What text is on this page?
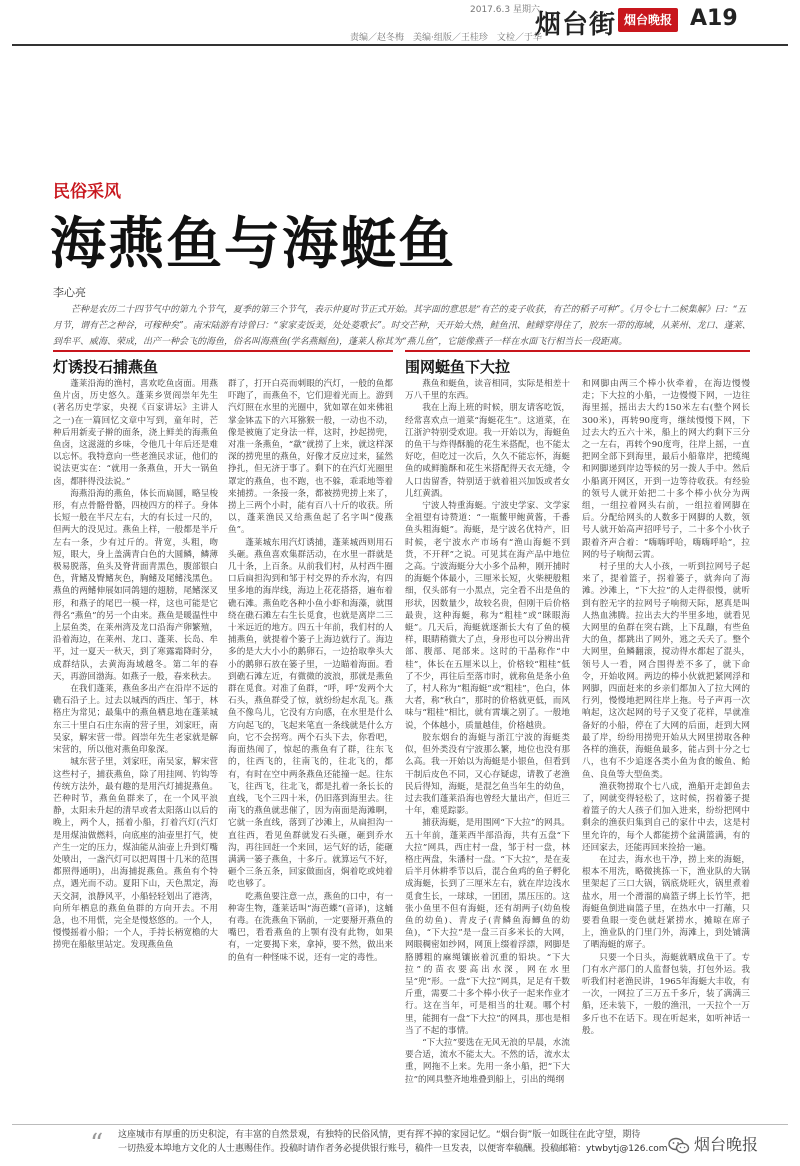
2017.6.3 星期六
责编／赵冬梅　美编·组版／王桂珍　文检／于华
烟台街 烟台晚报 A19
民俗采风
海燕鱼与海蜓鱼
李心亮
芒种是农历二十四节气中的第九个节气，夏季的第三个节气，表示仲夏时节正式开始。其字面的意思是“有芒的麦子收获，有芒的稻子可种”。《月令七十二候集解》曰：“五月节，谓有芒之种谷，可稼种矣”。南宋陆游有诗曾曰：“家家麦饭美，处处菱歌长”。时交芒种，天开始大热，鲑鱼汛、鲑鲱穿得住了，胶东一带的海域，从莱州、龙口、蓬莱、到牟平、威海、荣成，出产一种会飞的海鱼，俗名叫海燕鱼(学名燕鳐鱼)，蓬莱人称其为“燕儿鱼”，它能像燕子一样在水面飞行相当长一段距离。
灯诱投石捕燕鱼	围网蜓鱼下大拉

蓬莱沿海的渔村，喜欢吃鱼卤面。用燕鱼片卤，历史悠久。蓬莱乡贤阎崇年先生(著名历史学家，央视《百家讲坛》主讲人之一)在一篇回忆文章中写到，童年时，芒种后用新麦子擀的面条，浇上鲜美的海燕鱼鱼卤，这滋滋的乡味，令他几十年后还是难以忘怀。我特意向一些老渔民求证，他们的说法更实在：“就用一条燕鱼，开大一锅鱼卤，都胖得没法说。”

海燕沿海的燕鱼，体长而扁圆，略呈梭形，有点骨骼骨骼，四棱四方的样子。身体长短一般在半尺左右，大的有长过一尺的，但两大的没见过。燕鱼上样，一般都是半斤左右一条，少有过斤的。背宽，头粗，吻短，眼大，身上盖满青白色的大圆鳞，鳞薄极易脱落，鱼头及脊背面青黑色，腹部银白色，背鳍及臀鳍灰色，胸鳍及尾鳍浅黑色。燕鱼的两鳍伸展如同鸽翅的翅膀，尾鳍深叉形，和燕子的尾巴一模一样，这也可能是它得名“燕鱼”的另一个由来。燕鱼是暖温性中上层鱼类，在莱州湾及龙口沿海产卵繁殖，沿着海边，在莱州、龙口、蓬莱、长岛、牟平，过一夏天一秋天，到了寒露霜降时分，成群结队，去黄海海域越冬。第二年的春天，再游回渤海。如燕子一般，春来秋去。

在我们蓬莱，燕鱼多出产在沿岸不远的礁石沿子上。过去以城西的西庄、邹于，林格庄为常见；最集中的燕鱼栖息地在蓬莱城东三十里白石庄东南的营子里，刘家旺，南吴家，解宋营一带。阎崇年先生老家就是解宋营的，所以他对燕鱼印象深。

城东营子里，刘家旺，南吴家，解宋营这些村子，捕获燕鱼，除了用挂网、钓钩等传统方法外，最有趣的是用汽灯捕捉燕鱼。芒种时节，燕鱼鱼群来了，在一个风平浪静，太阳未升起的清早或者太阳落山以后的晚上，两个人，摇着小船，打着汽灯(汽灯是用煤油做燃料，向底座的油壶里打气，使产生一定的压力，煤油能从油壶上升到灯嘴处喷出，一盏汽灯可以把周围十几米的范围都照得通明)，出海捕捉燕鱼。燕鱼有个特点，遇光而不动。夏阳下山，天色黑定，海天交洞，浪静风平，小船轻轻划出了港湾，向所年栖息的燕鱼鱼群的方向开去。不用急，也不用慌，完全是慢悠悠的。一个人，慢慢摇着小船；一个人，手持长柄宽檐的大捞兜在船舷里站定。发现燕鱼鱼

群了，打开白亮而刺眼的汽灯，一般的鱼都吓跑了，而燕鱼不，它们迎着光而上。游到汽灯照在水里的光圈中，犹如罩在如来佛祖掌金钵盂下的六耳猕猴一般，一动也不动，像是被施了定身法一样，这时，抄起捞兜，对准一条燕鱼，“歘”就捞了上来，就这样深深的捞兜里的燕鱼，好像才反应过来，猛然挣扎，但无济于事了。剩下的在汽灯光圈里罩定的燕鱼，也不跑，也不躲，乖乖地等着来捕捞。一条接一条，都被捞兜捞上来了，捞上三两个小时，能有百八十斤的收获。所以，蓬莱渔民又给燕鱼起了名字叫“傻燕鱼”。

蓬莱城东用汽灯诱捕，蓬莱城西则用石头砸。燕鱼喜欢集群活动，在水里一群就是几十条，上百条。从前我们村，从村西牛圈口后扁担沟到和邹于村交界的乔水沟，有四里多地的海岸线，海边上花花搭搭，遍布着礁石滩。燕鱼吃各种小鱼小虾和海藻，就围绕在礁石滩左右生长觅食，也就是离岸二三十米远近的地方。四五十年前，我们村的人捕燕鱼，就提着个篓子上海边就行了。海边多的是大大小小的鹅卵石，一边拾取拳头大小的鹅卵石放在篓子里，一边瞄着海面。看到礁石滩左近，有微微的波浪，那就是燕鱼群在觅食。对准了鱼群，“呼，呼”发两个大石头，燕鱼群受了惊，就纷纷起水乱飞。燕鱼不像鸟儿，它没有方向感，在水里是什么方向起飞的，飞起来笔直一条线就是什么方向，它不会拐弯。两个石头下去，你看吧，海面热闹了，惊起的燕鱼有了群，往东飞的，往西飞的，往南飞的，往北飞的，都有，有时在空中两条燕鱼还能撞一起。往东飞，往西飞，往北飞，都是扎着一条长长的直线，飞个三四十米，仍旧落到海里去。往南飞的燕鱼就悲催了，因为南面是海滩啊，它就一条直线，落到了沙滩上，从扁担沟一直往西，看见鱼群就发石头砸，砸到乔水沟，再往回赶一个来回，运气好的话，能砸满满一篓子燕鱼，十多斤。就算运气不好，砸个三条五条，回家做面卤，焖着吃或炖着吃也够了。

吃燕鱼要注意一点，燕鱼的口中，有一种寄生物，蓬莱话叫“海芭蝶”(音译)，这蛹有毒。在洗燕鱼下锅前，一定要掰开燕鱼的嘴巴，看看燕鱼的上颚有没有此物，如果有，一定要揭下来，拿掉，要不然，做出来的鱼有一种怪味不说，还有一定的毒性。

燕鱼和蜓鱼，读音相同，实际是相差十万八千里的东西。

我在上海上班的时候，朋友请客吃饭，经常喜欢点一道菜“海蜓花生”。这道菜，在江浙沪特别受欢迎。我一开始以为，海蜓鱼的鱼干与炸得酥脆的花生米搭配，也不能太好吃，但吃过一次后，久久不能忘怀，海蜓鱼的咸鲜脆酥和花生米搭配得天衣无缝，令人口齿留香，特别适于就着祖兴加饭或者女儿红黄酒。

宁波人特重海蜓。宁波史学家、文学家全祖望有诗赞道：“一瓶鳖甲鲍黄酱，千番鱼头粗海蜓”。海蜓，是宁波名优特产，旧时候，老宁波水产市场有“渔山海蜓不到货，不开秤”之说。可见其在海产品中地位之高。宁波海蜓分大小多个品种，刚开捕时的海蜓个体最小，三厘米长短，火柴梗般粗细，仅头部有一小黑点，完全看不出是鱼的形状，因数量少，故较名贵，但刚干后价格最贵，这种海蜓，称为“粗桂”或“眯眼海蜓”。几天后，海蜓就逐渐长大有了鱼的模样，眼睛稍微大了点，身形也可以分辨出背部、腹部、尾部来。这时的干晶称作“中桂”，体长在五厘米以上，价格较“粗桂”低了不少，再往后至落市时，就称鱼是条小鱼了，村人称为“粗海蜓”或“粗桂”，色白，体大者，称“秋白”，那时的价格就更低，而风味与“粗桂”相比，就有霄壤之别了。一般地说，个体越小，质量越佳，价格越贵。

胶东烟台的海蜓与浙江宁波的海蜓类似，但外类没有宁波那么繁，地位也没有那么高。我一开始以为海蜓是小银鱼，但看到干制后皮色不同，又心存疑虑，请教了老渔民后得知，海蜓，是混乞鱼当年生的幼鱼，过去我们蓬莱沿海也曾经大量出产，但近三十年，难觅踪影。

捕获海蜓，是用围网“下大拉”的网具。五十年前，蓬莱西半部沿海，共有五盘“下大拉”网具，西庄村一盘，邹于村一盘，林格庄两盘，朱潘村一盘。“下大拉”，是在麦后半月休耕季节以后，混合鱼鸡的鱼子孵化成海蜓，长到了三厘米左右，就在岸边浅水觅食生长，一球球，一团团，黑压压的。这张小鱼里不但有海蜓，还有胡两子(幼鱼梭鱼的幼鱼)、青皮子(青鳞鱼海鲫鱼的幼鱼)，“下大拉”是一盘三百多米长的大网，网眼稠密如纱网，网顶上缀着浮漂，网脚是胳膊粗的麻绳镶嵌着沉重的铅块。“下大拉”的苗衣要高出水深，网在水里呈“兜”形。一盘“下大拉”网具，足足有千数斤重，需要二十多个棒小伙子一起来作业才行。这在当年，可是相当的壮观。哪个村里，能拥有一盘“下大拉”的网具，那也是相当了不起的事情。

“下大拉”要选在无风无浪的早晨，水流要合适，流水不能太大。不然的话，流水太重，网拖不上来。先用一条小船，把“下大拉”的网具整齐地堆叠到船上，引出的绳纲

和网脚由两三个棒小伙牵着，在海边慢慢走；下大拉的小船，一边慢慢下网，一边往海里摇，摇出去大约150米左右(整个网长300米)，再转90度弯，继续慢慢下网，下过去大约五六十米，船上的网大约剩下三分之一左右，再转个90度弯，往岸上摇，一直把网全部下到海里，最后小船靠岸，把缆绳和网脚递到岸边等候的另一拨人手中。然后小船离开网区，开到一边等待收获。有经验的领号人就开始把二十多个棒小伙分为两组，一组拉着网头右前，一组拉着网脚在后。分配给网头的人数多于网脚的人数，领号人就开始高声招呼号子，二十多个小伙子跟着齐声合着：“嗨嗨呼哈，嗨嗨呼哈”，拉网的号子响彻云霄。

村子里的大人小孩，一听到拉网号子起来了，提着篮子，拐着篓子，就奔向了海滩。沙滩上，“下大拉”的人走得很慢，就听到有腔无字的拉网号子响彻天际，愿真是叫人热血沸腾。拉出去大约半里多地，就看见大网里的鱼群在突右跳，上下乱蹦，有些鱼大的鱼，都跳出了网外，逃之夭夭了。整个大网里，鱼鳞翻滚，搅动得水都起了混头，领号人一看，网合围得差不多了，就下命令，开始收网。两边的棒小伙就把紧网浮和网脚，四面赶来的乡亲们都加入了拉大网的行列，慢慢地把网往岸上拖。号子声再一次响起，这次起网的号子又变了花样，旱就准备好的小船，停在了大网的后面，赶到大网最了岸，纷纷用捞兜开始从大网里捞取各种各样的渔获，海蜓鱼最多，能占到十分之七八，也有不少追逐各类小鱼为食的鲅鱼、鲐鱼、良鱼等大型鱼类。

渔获物捞取个七八成，渔船开走卸鱼去了，网就变得轻松了，这时候，拐着篓子提着篮子的大人孩子们加入进来，纷纷把网中剩余的渔获归集到自己的家什中去，这是村里允许的，每个人都能捞个盆满篮满，有的还回家去，还能再回来捡拾一遍。

在过去，海水也干净，捞上来的海蜓，根本不用洗，略微挑拣一下，渔业队的大锅里架起了三口大锅，锅底烧旺火，锅里煮着盐水，用一个滑溜的扁篮子绑上长竹竿，把海蜓鱼倒进扁篮子里，在热水中一打蘸，只要看鱼眼一变色就赶紧捞水，摊晾在席子上，渔业队的门里门外，海滩上，到处铺满了晒海蜓的席子。

只要一个日头，海蜓就晒成鱼干了。专门有水产部门的人监督包装，打包外运。我听我们村老渔民讲，1965年海蜓大丰收，有一次，一网拉了三万五千多斤，装了满满三船，还未装下，一般的渔汛，一天拉个一万多斤也不在话下。现在听起来，如听神话一般。

“ 这座城市有厚重的历史积淀，有丰富的自然景观，有独特的民俗风情，更有挥不掉的家园记忆。“烟台街”版一如既往在此守望，期待
一切热爱本埠地方文化的人士惠赐佳作。投稿时请作者务必提供银行账号，稿件一旦发表，以便寄奉稿酬。投稿邮箱：ytwbytj@126.com	烟台晚报
